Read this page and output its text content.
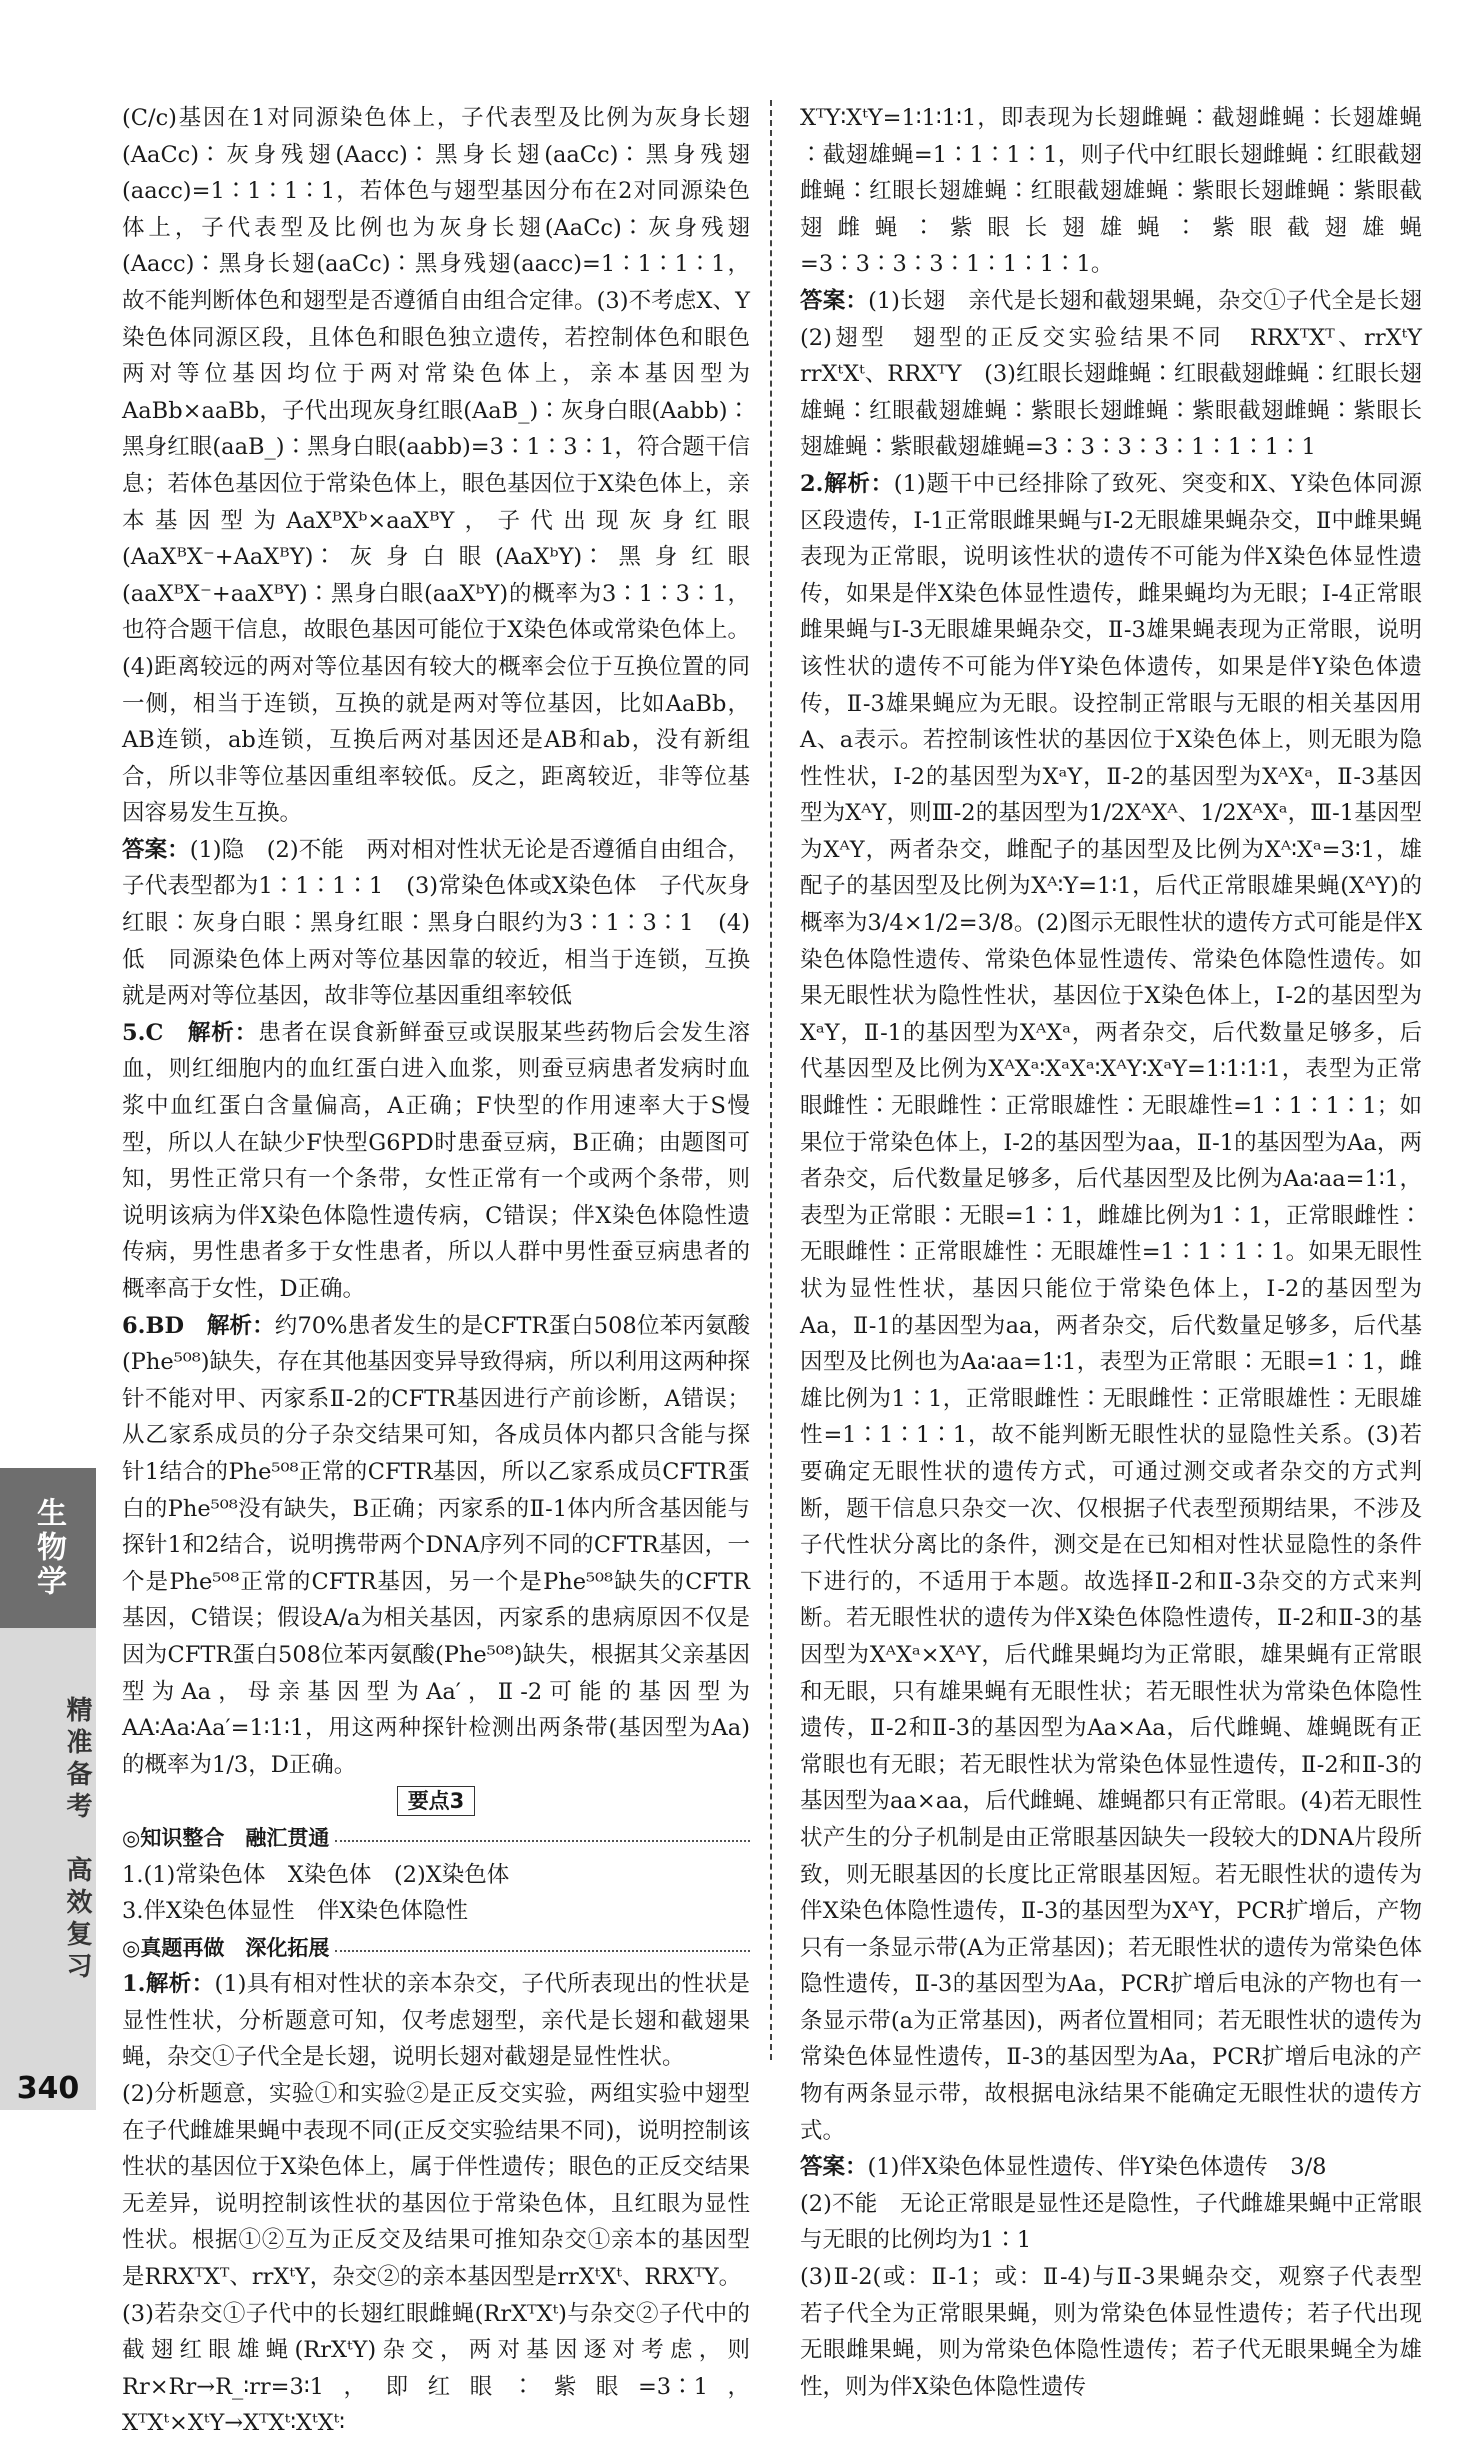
(C/c)基因在1对同源染色体上，子代表型及比例为灰身长翅(AaCc)∶灰身残翅(Aacc)∶黑身长翅(aaCc)∶黑身残翅(aacc)=1∶1∶1∶1，若体色与翅型基因分布在2对同源染色体上，子代表型及比例也为灰身长翅(AaCc)∶灰身残翅(Aacc)∶黑身长翅(aaCc)∶黑身残翅(aacc)=1∶1∶1∶1，故不能判断体色和翅型是否遵循自由组合定律。(3)不考虑X、Y染色体同源区段，且体色和眼色独立遗传，若控制体色和眼色两对等位基因均位于两对常染色体上，亲本基因型为AaBb×aaBb，子代出现灰身红眼(AaB_)∶灰身白眼(Aabb)∶黑身红眼(aaB_)∶黑身白眼(aabb)=3∶1∶3∶1，符合题干信息；若体色基因位于常染色体上，眼色基因位于X染色体上，亲本基因型为AaXᴮXᵇ×aaXᴮY，子代出现灰身红眼(AaXᴮX⁻+AaXᴮY)∶灰身白眼(AaXᵇY)∶黑身红眼(aaXᴮX⁻+aaXᴮY)∶黑身白眼(aaXᵇY)的概率为3∶1∶3∶1，也符合题干信息，故眼色基因可能位于X染色体或常染色体上。(4)距离较远的两对等位基因有较大的概率会位于互换位置的同一侧，相当于连锁，互换的就是两对等位基因，比如AaBb，AB连锁，ab连锁，互换后两对基因还是AB和ab，没有新组合，所以非等位基因重组率较低。反之，距离较近，非等位基因容易发生互换。

答案：(1)隐　(2)不能　两对相对性状无论是否遵循自由组合，子代表型都为1∶1∶1∶1　(3)常染色体或X染色体　子代灰身红眼∶灰身白眼∶黑身红眼∶黑身白眼约为3∶1∶3∶1　(4)低　同源染色体上两对等位基因靠的较近，相当于连锁，互换就是两对等位基因，故非等位基因重组率较低

5.C　解析：患者在误食新鲜蚕豆或误服某些药物后会发生溶血，则红细胞内的血红蛋白进入血浆，则蚕豆病患者发病时血浆中血红蛋白含量偏高，A正确；F快型的作用速率大于S慢型，所以人在缺少F快型G6PD时患蚕豆病，B正确；由题图可知，男性正常只有一个条带，女性正常有一个或两个条带，则说明该病为伴X染色体隐性遗传病，C错误；伴X染色体隐性遗传病，男性患者多于女性患者，所以人群中男性蚕豆病患者的概率高于女性，D正确。

6.BD　解析：约70%患者发生的是CFTR蛋白508位苯丙氨酸(Phe⁵⁰⁸)缺失，存在其他基因变异导致得病，所以利用这两种探针不能对甲、丙家系Ⅱ-2的CFTR基因进行产前诊断，A错误；从乙家系成员的分子杂交结果可知，各成员体内都只含能与探针1结合的Phe⁵⁰⁸正常的CFTR基因，所以乙家系成员CFTR蛋白的Phe⁵⁰⁸没有缺失，B正确；丙家系的Ⅱ-1体内所含基因能与探针1和2结合，说明携带两个DNA序列不同的CFTR基因，一个是Phe⁵⁰⁸正常的CFTR基因，另一个是Phe⁵⁰⁸缺失的CFTR基因，C错误；假设A/a为相关基因，丙家系的患病原因不仅是因为CFTR蛋白508位苯丙氨酸(Phe⁵⁰⁸)缺失，根据其父亲基因型为Aa，母亲基因型为Aa′，Ⅱ-2可能的基因型为AA∶Aa∶Aa′=1∶1∶1，用这两种探针检测出两条带(基因型为Aa)的概率为1/3，D正确。

要点3
◎知识整合　融汇贯通

1.(1)常染色体　X染色体　(2)X染色体

3.伴X染色体显性　伴X染色体隐性

◎真题再做　深化拓展

1.解析：(1)具有相对性状的亲本杂交，子代所表现出的性状是显性性状，分析题意可知，仅考虑翅型，亲代是长翅和截翅果蝇，杂交①子代全是长翅，说明长翅对截翅是显性性状。

(2)分析题意，实验①和实验②是正反交实验，两组实验中翅型在子代雌雄果蝇中表现不同(正反交实验结果不同)，说明控制该性状的基因位于X染色体上，属于伴性遗传；眼色的正反交结果无差异，说明控制该性状的基因位于常染色体，且红眼为显性性状。根据①②互为正反交及结果可推知杂交①亲本的基因型是RRXᵀXᵀ、rrXᵗY，杂交②的亲本基因型是rrXᵗXᵗ、RRXᵀY。

(3)若杂交①子代中的长翅红眼雌蝇(RrXᵀXᵗ)与杂交②子代中的截翅红眼雄蝇(RrXᵗY)杂交，两对基因逐对考虑，则Rr×Rr→R_∶rr=3∶1，即红眼∶紫眼=3∶1，XᵀXᵗ×XᵗY→XᵀXᵗ∶XᵗXᵗ∶

XᵀY∶XᵗY=1∶1∶1∶1，即表现为长翅雌蝇∶截翅雌蝇∶长翅雄蝇∶截翅雄蝇=1∶1∶1∶1，则子代中红眼长翅雌蝇∶红眼截翅雌蝇∶红眼长翅雄蝇∶红眼截翅雄蝇∶紫眼长翅雌蝇∶紫眼截翅雌蝇∶紫眼长翅雄蝇∶紫眼截翅雄蝇=3∶3∶3∶3∶1∶1∶1∶1。

答案：(1)长翅　亲代是长翅和截翅果蝇，杂交①子代全是长翅　(2)翅型　翅型的正反交实验结果不同　RRXᵀXᵀ、rrXᵗY　rrXᵗXᵗ、RRXᵀY　(3)红眼长翅雌蝇∶红眼截翅雌蝇∶红眼长翅雄蝇∶红眼截翅雄蝇∶紫眼长翅雌蝇∶紫眼截翅雌蝇∶紫眼长翅雄蝇∶紫眼截翅雄蝇=3∶3∶3∶3∶1∶1∶1∶1

2.解析：(1)题干中已经排除了致死、突变和X、Y染色体同源区段遗传，Ⅰ-1正常眼雌果蝇与Ⅰ-2无眼雄果蝇杂交，Ⅱ中雌果蝇表现为正常眼，说明该性状的遗传不可能为伴X染色体显性遗传，如果是伴X染色体显性遗传，雌果蝇均为无眼；Ⅰ-4正常眼雌果蝇与Ⅰ-3无眼雄果蝇杂交，Ⅱ-3雄果蝇表现为正常眼，说明该性状的遗传不可能为伴Y染色体遗传，如果是伴Y染色体遗传，Ⅱ-3雄果蝇应为无眼。设控制正常眼与无眼的相关基因用A、a表示。若控制该性状的基因位于X染色体上，则无眼为隐性性状，Ⅰ-2的基因型为XᵃY，Ⅱ-2的基因型为XᴬXᵃ，Ⅱ-3基因型为XᴬY，则Ⅲ-2的基因型为1/2XᴬXᴬ、1/2XᴬXᵃ，Ⅲ-1基因型为XᴬY，两者杂交，雌配子的基因型及比例为Xᴬ∶Xᵃ=3∶1，雄配子的基因型及比例为Xᴬ∶Y=1∶1，后代正常眼雄果蝇(XᴬY)的概率为3/4×1/2=3/8。(2)图示无眼性状的遗传方式可能是伴X染色体隐性遗传、常染色体显性遗传、常染色体隐性遗传。如果无眼性状为隐性性状，基因位于X染色体上，Ⅰ-2的基因型为XᵃY，Ⅱ-1的基因型为XᴬXᵃ，两者杂交，后代数量足够多，后代基因型及比例为XᴬXᵃ∶XᵃXᵃ∶XᴬY∶XᵃY=1∶1∶1∶1，表型为正常眼雌性∶无眼雌性∶正常眼雄性∶无眼雄性=1∶1∶1∶1；如果位于常染色体上，Ⅰ-2的基因型为aa，Ⅱ-1的基因型为Aa，两者杂交，后代数量足够多，后代基因型及比例为Aa∶aa=1∶1，表型为正常眼∶无眼=1∶1，雌雄比例为1∶1，正常眼雌性∶无眼雌性∶正常眼雄性∶无眼雄性=1∶1∶1∶1。如果无眼性状为显性性状，基因只能位于常染色体上，Ⅰ-2的基因型为Aa，Ⅱ-1的基因型为aa，两者杂交，后代数量足够多，后代基因型及比例也为Aa∶aa=1∶1，表型为正常眼∶无眼=1∶1，雌雄比例为1∶1，正常眼雌性∶无眼雌性∶正常眼雄性∶无眼雄性=1∶1∶1∶1，故不能判断无眼性状的显隐性关系。(3)若要确定无眼性状的遗传方式，可通过测交或者杂交的方式判断，题干信息只杂交一次、仅根据子代表型预期结果，不涉及子代性状分离比的条件，测交是在已知相对性状显隐性的条件下进行的，不适用于本题。故选择Ⅱ-2和Ⅱ-3杂交的方式来判断。若无眼性状的遗传为伴X染色体隐性遗传，Ⅱ-2和Ⅱ-3的基因型为XᴬXᵃ×XᴬY，后代雌果蝇均为正常眼，雄果蝇有正常眼和无眼，只有雄果蝇有无眼性状；若无眼性状为常染色体隐性遗传，Ⅱ-2和Ⅱ-3的基因型为Aa×Aa，后代雌蝇、雄蝇既有正常眼也有无眼；若无眼性状为常染色体显性遗传，Ⅱ-2和Ⅱ-3的基因型为aa×aa，后代雌蝇、雄蝇都只有正常眼。(4)若无眼性状产生的分子机制是由正常眼基因缺失一段较大的DNA片段所致，则无眼基因的长度比正常眼基因短。若无眼性状的遗传为伴X染色体隐性遗传，Ⅱ-3的基因型为XᴬY，PCR扩增后，产物只有一条显示带(A为正常基因)；若无眼性状的遗传为常染色体隐性遗传，Ⅱ-3的基因型为Aa，PCR扩增后电泳的产物也有一条显示带(a为正常基因)，两者位置相同；若无眼性状的遗传为常染色体显性遗传，Ⅱ-3的基因型为Aa，PCR扩增后电泳的产物有两条显示带，故根据电泳结果不能确定无眼性状的遗传方式。

答案：(1)伴X染色体显性遗传、伴Y染色体遗传　3/8

(2)不能　无论正常眼是显性还是隐性，子代雌雄果蝇中正常眼与无眼的比例均为1∶1

(3)Ⅱ-2(或：Ⅱ-1；或：Ⅱ-4)与Ⅱ-3果蝇杂交，观察子代表型　若子代全为正常眼果蝇，则为常染色体显性遗传；若子代出现无眼雌果蝇，则为常染色体隐性遗传；若子代无眼果蝇全为雄性，则为伴X染色体隐性遗传

生物学
精准备考　高效复习
340
